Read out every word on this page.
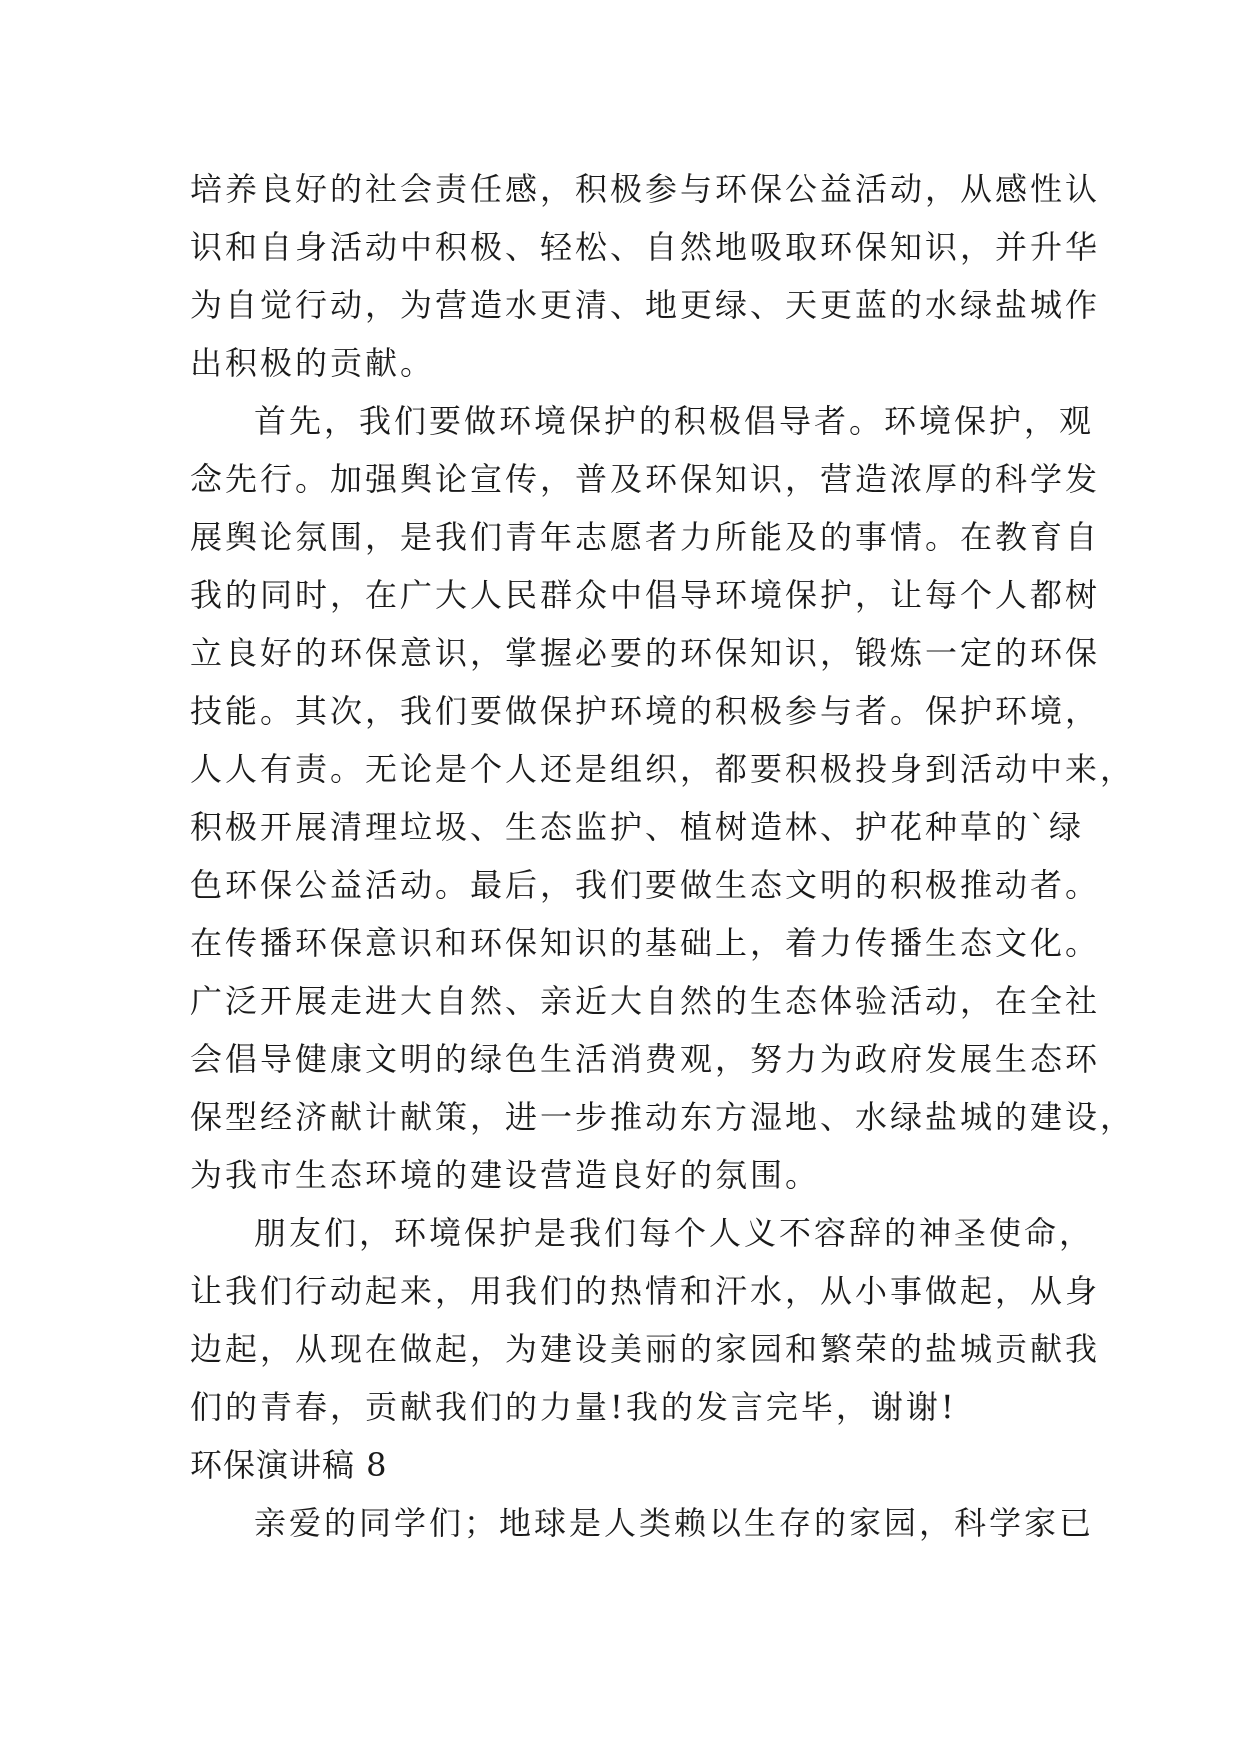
培养良好的社会责任感，积极参与环保公益活动，从感性认
识和自身活动中积极、轻松、自然地吸取环保知识，并升华
为自觉行动，为营造水更清、地更绿、天更蓝的水绿盐城作
出积极的贡献。
首先，我们要做环境保护的积极倡导者。环境保护，观
念先行。加强舆论宣传，普及环保知识，营造浓厚的科学发
展舆论氛围，是我们青年志愿者力所能及的事情。在教育自
我的同时，在广大人民群众中倡导环境保护，让每个人都树
立良好的环保意识，掌握必要的环保知识，锻炼一定的环保
技能。其次，我们要做保护环境的积极参与者。保护环境，
人人有责。无论是个人还是组织，都要积极投身到活动中来，
积极开展清理垃圾、生态监护、植树造林、护花种草的`绿
色环保公益活动。最后，我们要做生态文明的积极推动者。
在传播环保意识和环保知识的基础上，着力传播生态文化。
广泛开展走进大自然、亲近大自然的生态体验活动，在全社
会倡导健康文明的绿色生活消费观，努力为政府发展生态环
保型经济献计献策，进一步推动东方湿地、水绿盐城的建设，
为我市生态环境的建设营造良好的氛围。
朋友们，环境保护是我们每个人义不容辞的神圣使命，
让我们行动起来，用我们的热情和汗水，从小事做起，从身
边起，从现在做起，为建设美丽的家园和繁荣的盐城贡献我
们的青春，贡献我们的力量!我的发言完毕，谢谢!
环保演讲稿 8
亲爱的同学们；地球是人类赖以生存的家园，科学家已
